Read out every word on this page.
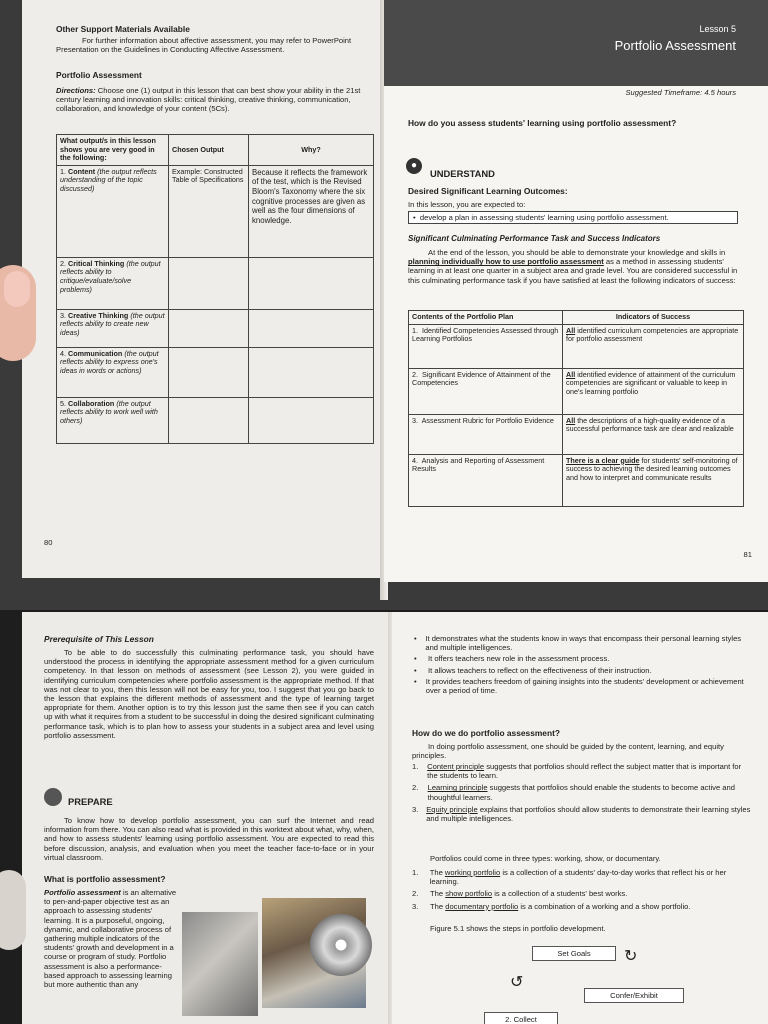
Other Support Materials Available
For further information about affective assessment, you may refer to PowerPoint Presentation on the Guidelines in Conducting Affective Assessment.
Portfolio Assessment
Directions: Choose one (1) output in this lesson that can best show your ability in the 21st century learning and innovation skills: critical thinking, creative thinking, communication, collaboration, and knowledge of your content (5Cs).
What output/s in this lesson shows you are very good in the following:	Chosen Output	Why?
1. Content (the output reflects understanding of the topic discussed)	Example: Constructed Table of Specifications	Because it reflects the framework of the test, which is the Revised Bloom's Taxonomy where the six cognitive processes are given as well as the four dimensions of knowledge.
2. Critical Thinking (the output reflects ability to critique/evaluate/solve problems)		
3. Creative Thinking (the output reflects ability to create new ideas)		
4. Communication (the output reflects ability to express one's ideas in words or actions)		
5. Collaboration (the output reflects ability to work well with others)		
80
Lesson 5
Portfolio Assessment
Suggested Timeframe: 4.5 hours
How do you assess students' learning using portfolio assessment?
●
UNDERSTAND
Desired Significant Learning Outcomes:
In this lesson, you are expected to:
•  develop a plan in assessing students' learning using portfolio assessment.
Significant Culminating Performance Task and Success Indicators
At the end of the lesson, you should be able to demonstrate your knowledge and skills in planning individually how to use portfolio assessment as a method in assessing students' learning in at least one quarter in a subject area and grade level. You are considered successful in this culminating performance task if you have satisfied at least the following indicators of success:
Contents of the Portfolio Plan	Indicators of Success
1. Identified Competencies Assessed through Learning Portfolios	All identified curriculum competencies are appropriate for portfolio assessment
2. Significant Evidence of Attainment of the Competencies	All identified evidence of attainment of the curriculum competencies are significant or valuable to keep in one's learning portfolio
3. Assessment Rubric for Portfolio Evidence	All the descriptions of a high-quality evidence of a successful performance task are clear and realizable
4. Analysis and Reporting of Assessment Results	There is a clear guide for students' self-monitoring of success to achieving the desired learning outcomes and how to interpret and communicate results
81
Prerequisite of This Lesson
To be able to do successfully this culminating performance task, you should have understood the process in identifying the appropriate assessment method for a given curriculum competency. In that lesson on methods of assessment (see Lesson 2), you were guided in identifying curriculum competencies where portfolio assessment is the appropriate method. If that was not clear to you, then this lesson will not be easy for you, too. I suggest that you go back to the lesson that explains the different methods of assessment and the type of learning target appropriate for them. Another option is to try this lesson just the same then see if you can catch up with what it requires from a student to be successful in doing the desired significant culminating performance task, which is to plan how to assess your students in a subject area and level using portfolio assessment.
PREPARE
To know how to develop portfolio assessment, you can surf the Internet and read information from there. You can also read what is provided in this worktext about what, why, when, and how to assess students' learning using portfolio assessment. You are expected to read this before discussion, analysis, and evaluation when you meet the teacher face-to-face or in your virtual classroom.
What is portfolio assessment?
Portfolio assessment is an alternative to pen-and-paper objective test as an approach to assessing students' learning. It is a purposeful, ongoing, dynamic, and collaborative process of gathering multiple indicators of the students' growth and development in a course or program of study. Portfolio assessment is also a performance-based approach to assessing learning but more authentic than any
•	It demonstrates what the students know in ways that encompass their personal learning styles and multiple intelligences.
•	It offers teachers new role in the assessment process.
•	It allows teachers to reflect on the effectiveness of their instruction.
•	It provides teachers freedom of gaining insights into the students' development or achievement over a period of time.
How do we do portfolio assessment?
In doing portfolio assessment, one should be guided by the content, learning, and equity principles.
1.	Content principle suggests that portfolios should reflect the subject matter that is important for the students to learn.
2.	Learning principle suggests that portfolios should enable the students to become active and thoughtful learners.
3.	Equity principle explains that portfolios should allow students to demonstrate their learning styles and multiple intelligences.
Portfolios could come in three types: working, show, or documentary.
1.	The working portfolio is a collection of a students' day-to-day works that reflect his or her learning.
2.	The show portfolio is a collection of a students' best works.
3.	The documentary portfolio is a combination of a working and a show portfolio.
Figure 5.1 shows the steps in portfolio development.
Set Goals	↻
↺
Confer/Exhibit
2. Collect
